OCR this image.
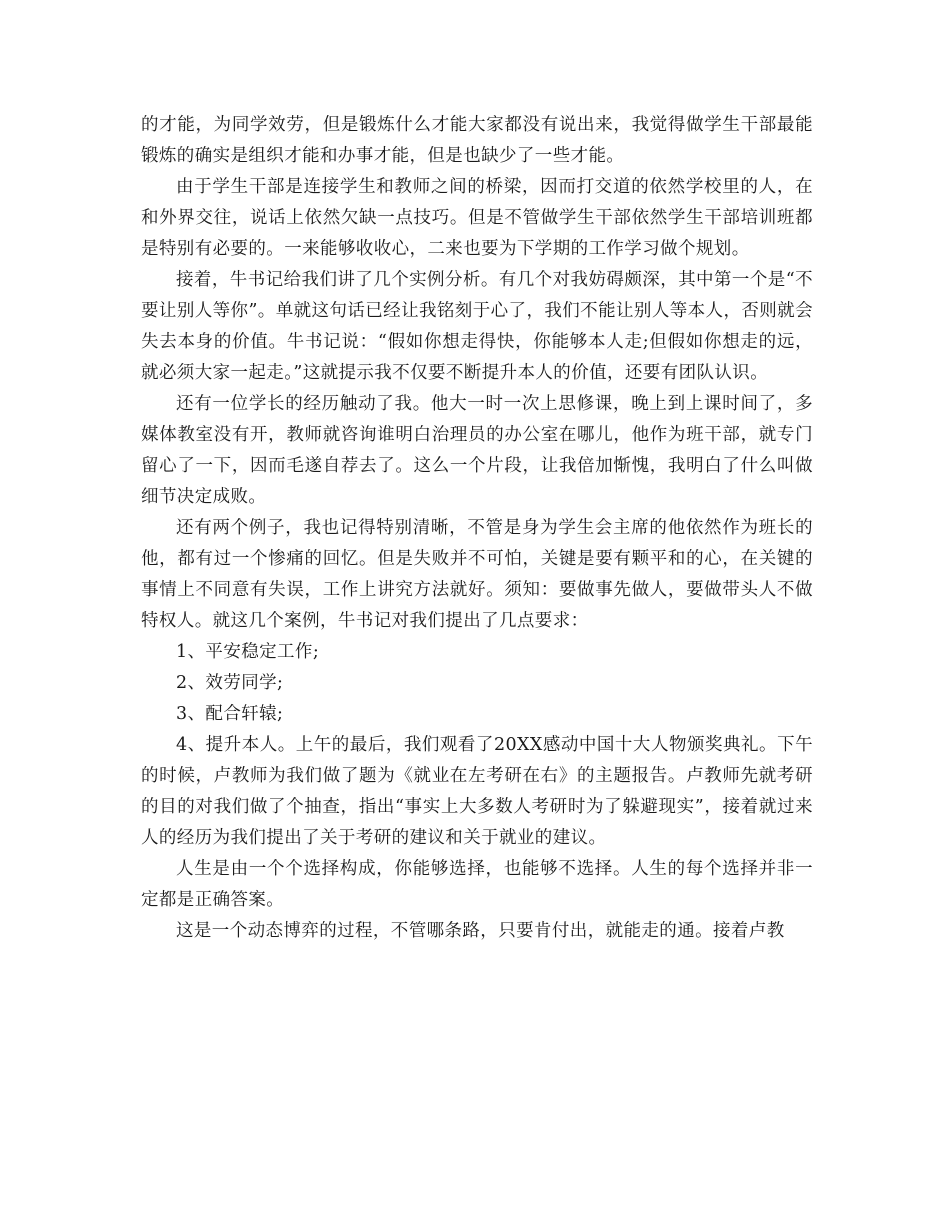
的才能，为同学效劳，但是锻炼什么才能大家都没有说出来，我觉得做学生干部最能锻炼的确实是组织才能和办事才能，但是也缺少了一些才能。

由于学生干部是连接学生和教师之间的桥梁，因而打交道的依然学校里的人，在和外界交往，说话上依然欠缺一点技巧。但是不管做学生干部依然学生干部培训班都是特别有必要的。一来能够收收心，二来也要为下学期的工作学习做个规划。

接着，牛书记给我们讲了几个实例分析。有几个对我妨碍颇深，其中第一个是“不要让别人等你”。单就这句话已经让我铭刻于心了，我们不能让别人等本人，否则就会失去本身的价值。牛书记说：“假如你想走得快，你能够本人走;但假如你想走的远，就必须大家一起走。”这就提示我不仅要不断提升本人的价值，还要有团队认识。

还有一位学长的经历触动了我。他大一时一次上思修课，晚上到上课时间了，多媒体教室没有开，教师就咨询谁明白治理员的办公室在哪儿，他作为班干部，就专门留心了一下，因而毛遂自荐去了。这么一个片段，让我倍加惭愧，我明白了什么叫做细节决定成败。

还有两个例子，我也记得特别清晰，不管是身为学生会主席的他依然作为班长的他，都有过一个惨痛的回忆。但是失败并不可怕，关键是要有颗平和的心，在关键的事情上不同意有失误，工作上讲究方法就好。须知：要做事先做人，要做带头人不做特权人。就这几个案例，牛书记对我们提出了几点要求：

1、平安稳定工作;

2、效劳同学;

3、配合轩辕;

4、提升本人。上午的最后，我们观看了20XX感动中国十大人物颁奖典礼。下午的时候，卢教师为我们做了题为《就业在左考研在右》的主题报告。卢教师先就考研的目的对我们做了个抽查，指出“事实上大多数人考研时为了躲避现实”，接着就过来人的经历为我们提出了关于考研的建议和关于就业的建议。

人生是由一个个选择构成，你能够选择，也能够不选择。人生的每个选择并非一定都是正确答案。

这是一个动态博弈的过程，不管哪条路，只要肯付出，就能走的通。接着卢教
